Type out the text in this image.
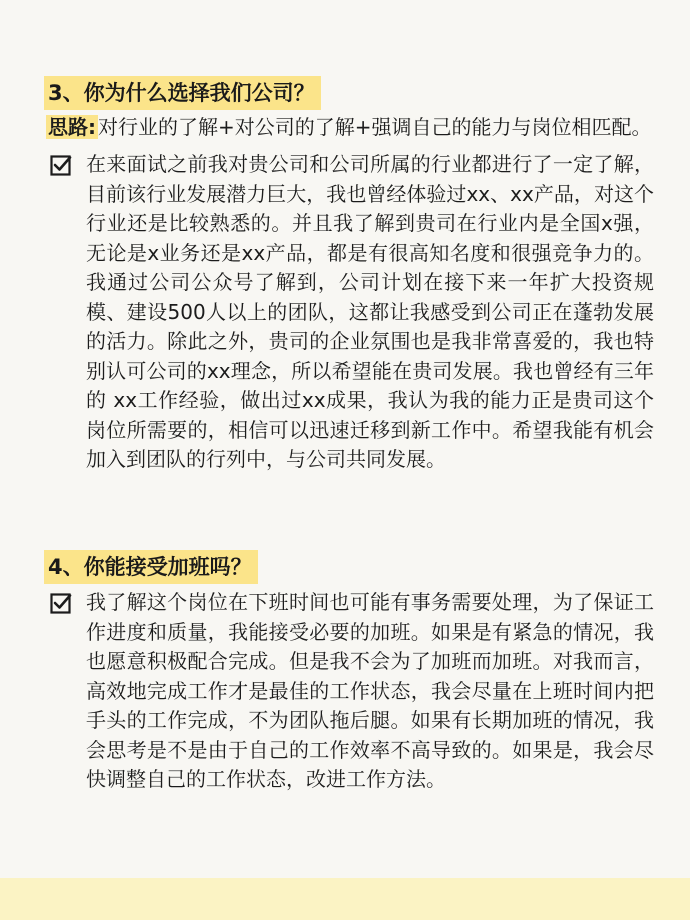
3、你为什么选择我们公司？
思路: 对行业的了解+对公司的了解+强调自己的能力与岗位相匹配。
在来面试之前我对贵公司和公司所属的行业都进行了一定了解，目前该行业发展潜力巨大，我也曾经体验过xx、xx产品，对这个行业还是比较熟悉的。并且我了解到贵司在行业内是全国x强，无论是x业务还是xx产品，都是有很高知名度和很强竞争力的。我通过公司公众号了解到，公司计划在接下来一年扩大投资规模、建设500人以上的团队，这都让我感受到公司正在蓬勃发展的活力。除此之外，贵司的企业氛围也是我非常喜爱的，我也特别认可公司的xx理念，所以希望能在贵司发展。我也曾经有三年的 xx工作经验，做出过xx成果，我认为我的能力正是贵司这个岗位所需要的，相信可以迅速迁移到新工作中。希望我能有机会加入到团队的行列中，与公司共同发展。
4、你能接受加班吗？
我了解这个岗位在下班时间也可能有事务需要处理，为了保证工作进度和质量，我能接受必要的加班。如果是有紧急的情况，我也愿意积极配合完成。但是我不会为了加班而加班。对我而言，高效地完成工作才是最佳的工作状态，我会尽量在上班时间内把手头的工作完成，不为团队拖后腿。如果有长期加班的情况，我会思考是不是由于自己的工作效率不高导致的。如果是，我会尽快调整自己的工作状态，改进工作方法。
